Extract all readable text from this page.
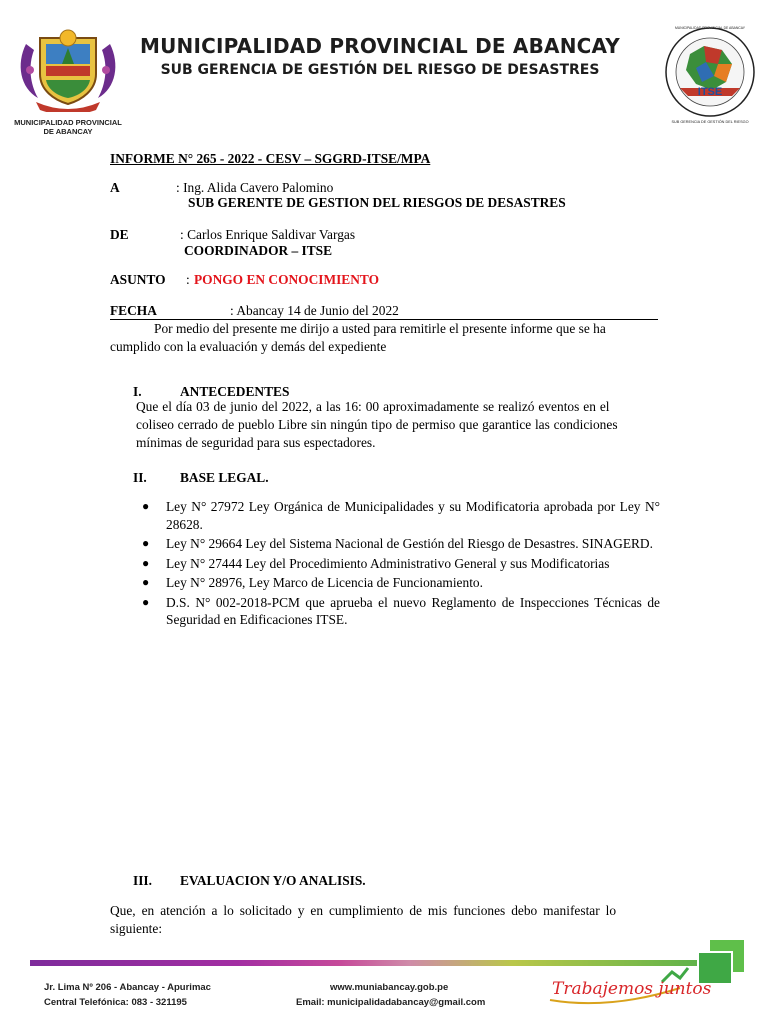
MUNICIPALIDAD PROVINCIAL
DE ABANCAY
MUNICIPALIDAD PROVINCIAL DE ABANCAY
SUB GERENCIA DE GESTIÓN DEL RIESGO DE DESASTRES
ITSE
MUNICIPALIDAD PROVINCIAL DE ABANCAY
SUB GERENCIA DE GESTIÓN DEL RIESGO
INFORME N° 265 - 2022 - CESV – SGGRD-ITSE/MPA
A	: Ing. Alida Cavero Palomino
SUB GERENTE DE GESTION DEL RIESGOS DE DESASTRES
DE	: Carlos Enrique Saldivar Vargas
COORDINADOR – ITSE
ASUNTO : PONGO EN CONOCIMIENTO
FECHA	: Abancay 14 de Junio del 2022
Por medio del presente me dirijo a usted para remitirle el presente informe que se ha
cumplido con la evaluación y demás del expediente
I.	ANTECEDENTES
Que el día 03 de junio del 2022, a las 16: 00 aproximadamente se realizó eventos en el
coliseo cerrado de pueblo Libre sin ningún tipo de permiso que garantice las condiciones
mínimas de seguridad para sus espectadores.
II. BASE LEGAL.
● Ley N° 27972 Ley Orgánica de Municipalidades y su Modificatoria aprobada por Ley N° 28628.
● Ley N° 29664 Ley del Sistema Nacional de Gestión del Riesgo de Desastres. SINAGERD.
● Ley N° 27444 Ley del Procedimiento Administrativo General y sus Modificatorias
● Ley N° 28976, Ley Marco de Licencia de Funcionamiento.
● D.S. N° 002-2018-PCM que aprueba el nuevo Reglamento de Inspecciones Técnicas de Seguridad en Edificaciones ITSE.
III. EVALUACION Y/O ANALISIS.
Que, en atención a lo solicitado y en cumplimiento de mis funciones debo manifestar lo
siguiente:
Jr. Lima Nº 206 - Abancay - Apurimac
Central Telefónica: 083 - 321195
www.muniabancay.gob.pe
Email: municipalidadabancay@gmail.com
Trabajemos juntos
